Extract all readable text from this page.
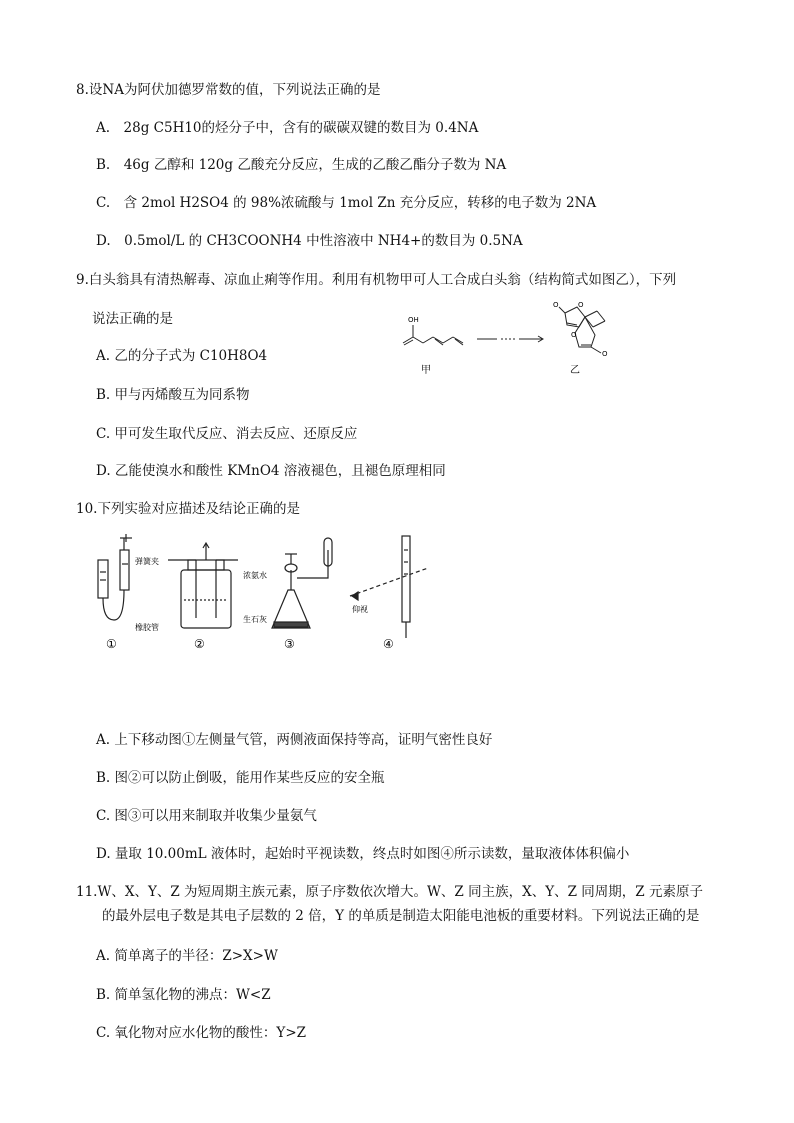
8.设NA为阿伏加德罗常数的值，下列说法正确的是
A.　28g C5H10的烃分子中，含有的碳碳双键的数目为 0.4NA
B.　46g 乙醇和 120g 乙酸充分反应，生成的乙酸乙酯分子数为 NA
C.　含 2mol H2SO4 的 98%浓硫酸与 1mol Zn 充分反应，转移的电子数为 2NA
D.　0.5mol/L 的 CH3COONH4 中性溶液中 NH4+的数目为 0.5NA
9.白头翁具有清热解毒、凉血止痢等作用。利用有机物甲可人工合成白头翁（结构简式如图乙），下列
说法正确的是
A. 乙的分子式为 C10H8O4
B. 甲与丙烯酸互为同系物
C. 甲可发生取代反应、消去反应、还原反应
D. 乙能使溴水和酸性 KMnO4 溶液褪色，且褪色原理相同
OH
O
O
O
O
甲	乙
10.下列实验对应描述及结论正确的是
弹簧夹
橡胶管
浓氨水
生石灰
仰视
①	②	③	④
A. 上下移动图①左侧量气管，两侧液面保持等高，证明气密性良好
B. 图②可以防止倒吸，能用作某些反应的安全瓶
C. 图③可以用来制取并收集少量氨气
D. 量取 10.00mL 液体时，起始时平视读数，终点时如图④所示读数，量取液体体积偏小
11.W、X、Y、Z 为短周期主族元素，原子序数依次增大。W、Z 同主族，X、Y、Z 同周期，Z 元素原子
的最外层电子数是其电子层数的 2 倍，Y 的单质是制造太阳能电池板的重要材料。下列说法正确的是
A. 简单离子的半径：Z>X>W
B. 简单氢化物的沸点：W<Z
C. 氧化物对应水化物的酸性：Y>Z
